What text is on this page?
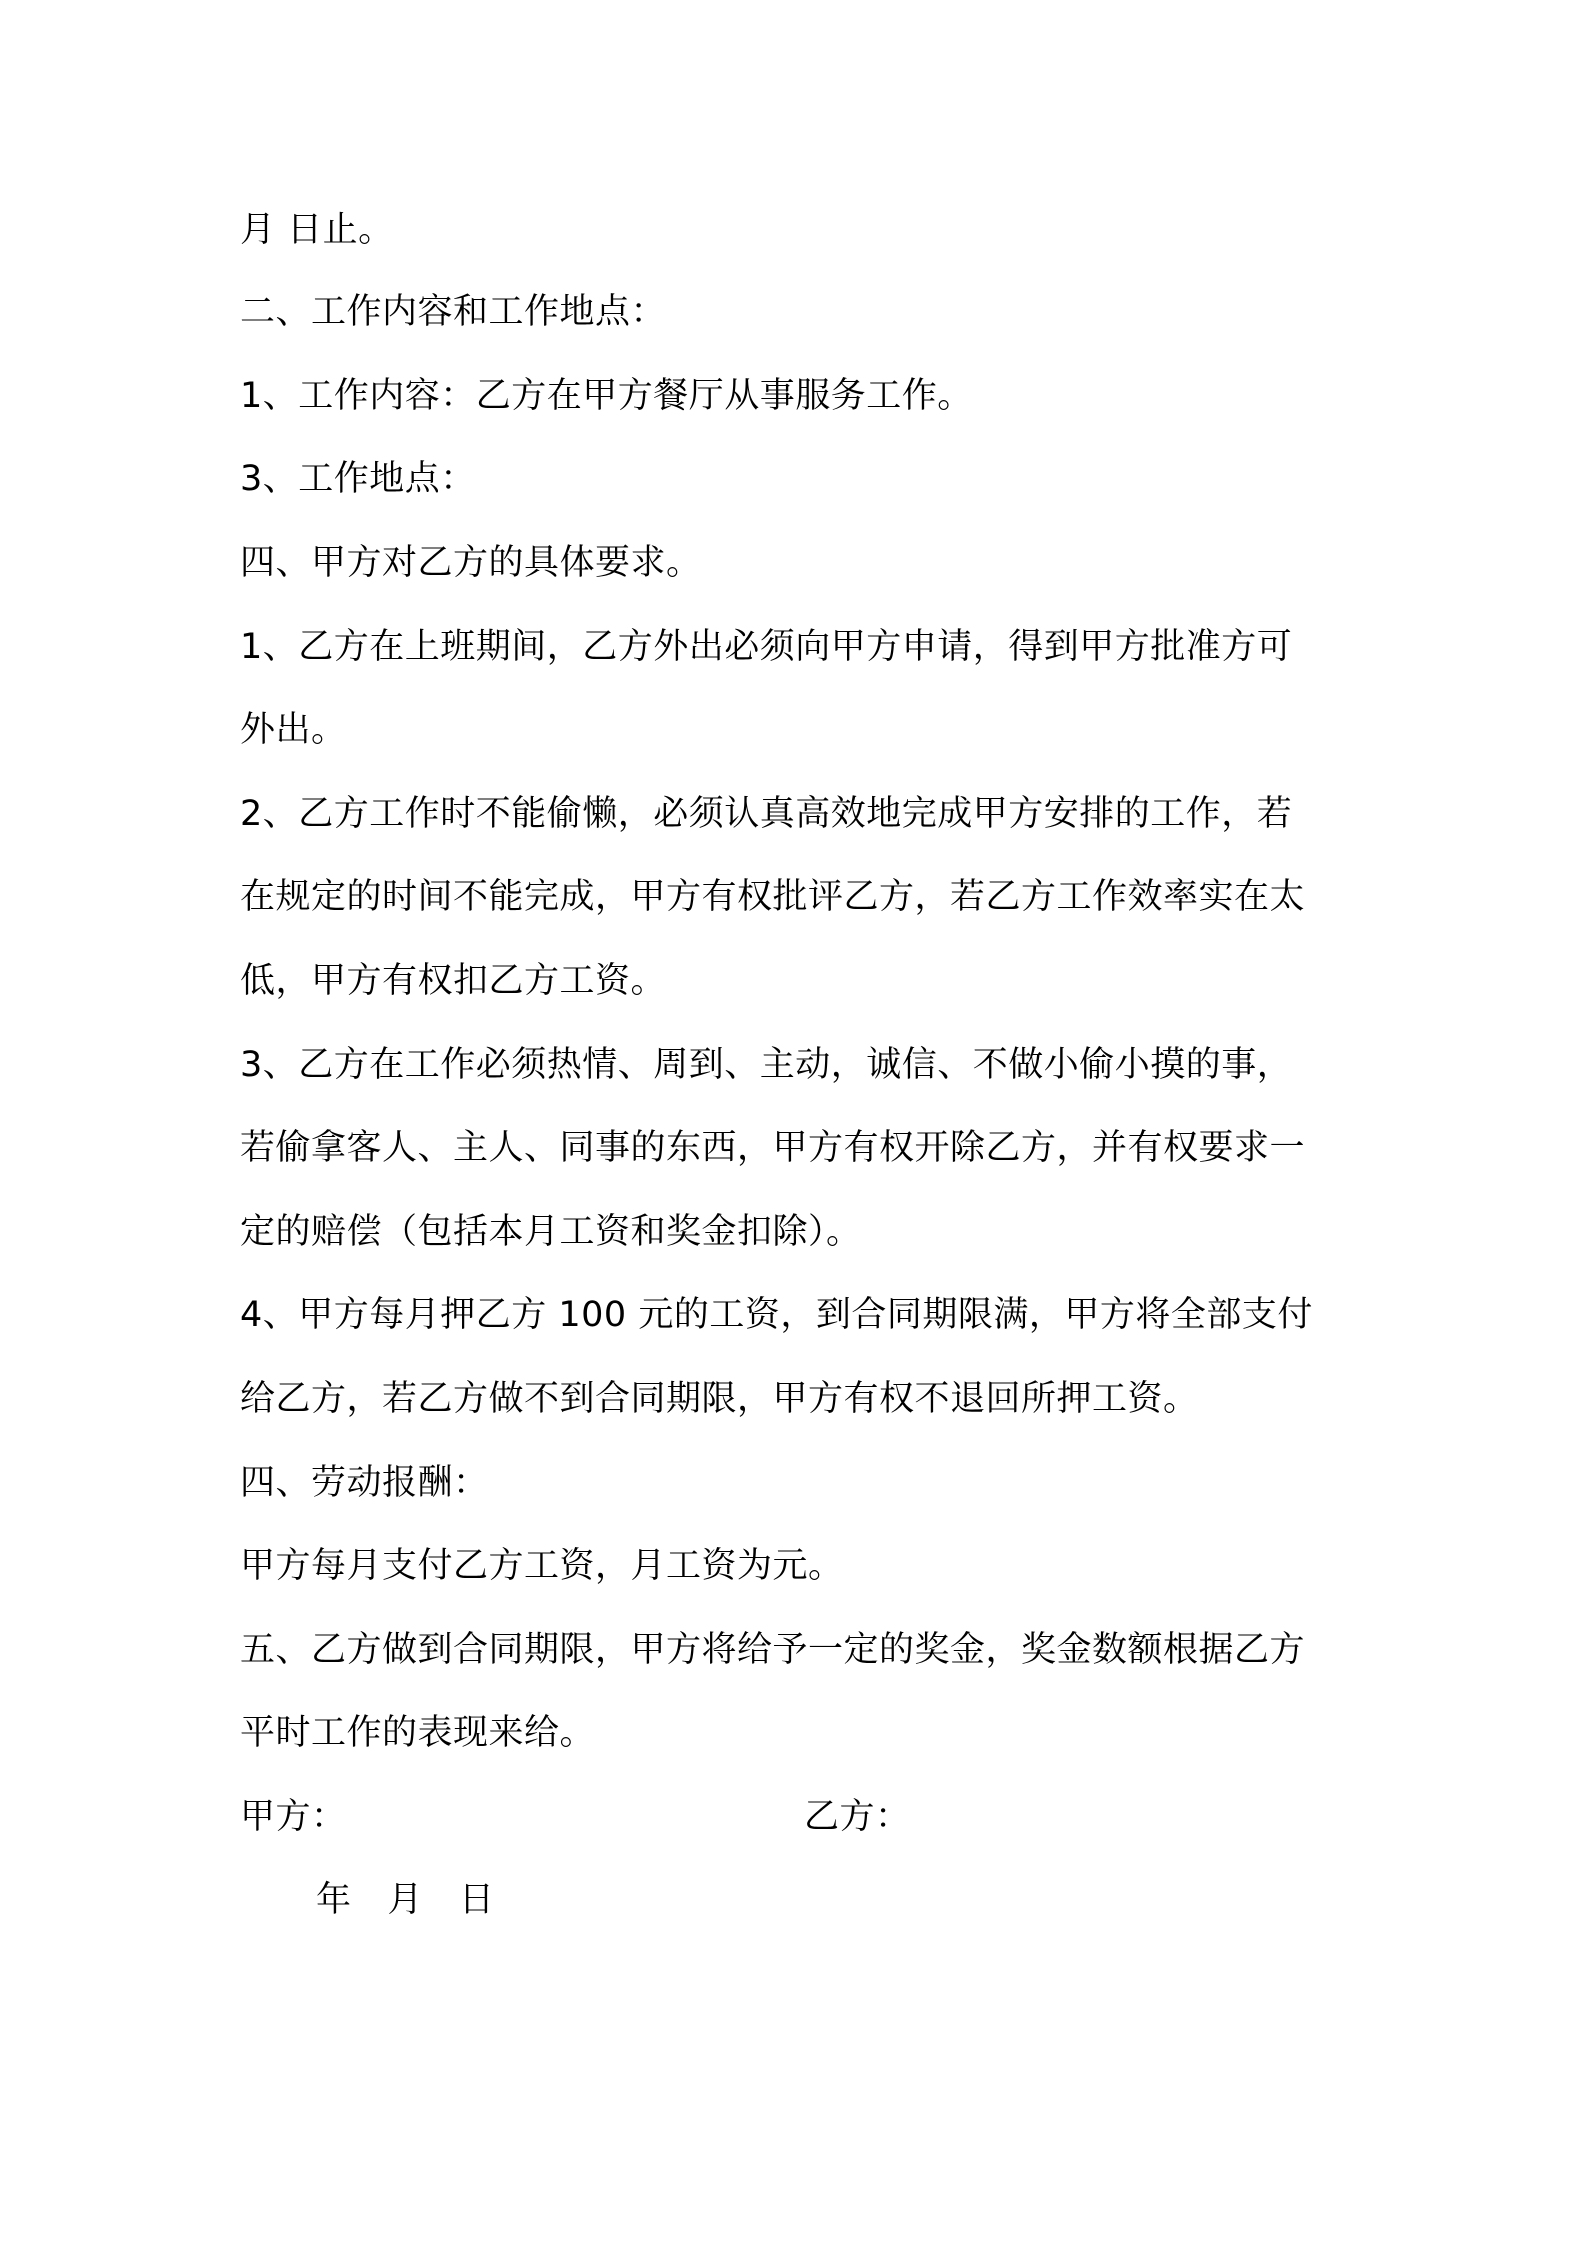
月 日止。
二、工作内容和工作地点：
1、工作内容：乙方在甲方餐厅从事服务工作。
3、工作地点：
四、甲方对乙方的具体要求。
1、乙方在上班期间，乙方外出必须向甲方申请，得到甲方批准方可
外出。
2、乙方工作时不能偷懒，必须认真高效地完成甲方安排的工作，若
在规定的时间不能完成，甲方有权批评乙方，若乙方工作效率实在太
低，甲方有权扣乙方工资。
3、乙方在工作必须热情、周到、主动，诚信、不做小偷小摸的事，
若偷拿客人、主人、同事的东西，甲方有权开除乙方，并有权要求一
定的赔偿（包括本月工资和奖金扣除）。
4、甲方每月押乙方 100 元的工资，到合同期限满，甲方将全部支付
给乙方，若乙方做不到合同期限，甲方有权不退回所押工资。
四、劳动报酬：
甲方每月支付乙方工资，月工资为元。
五、乙方做到合同期限，甲方将给予一定的奖金，奖金数额根据乙方
平时工作的表现来给。
甲方：	乙方：
年 月 日
